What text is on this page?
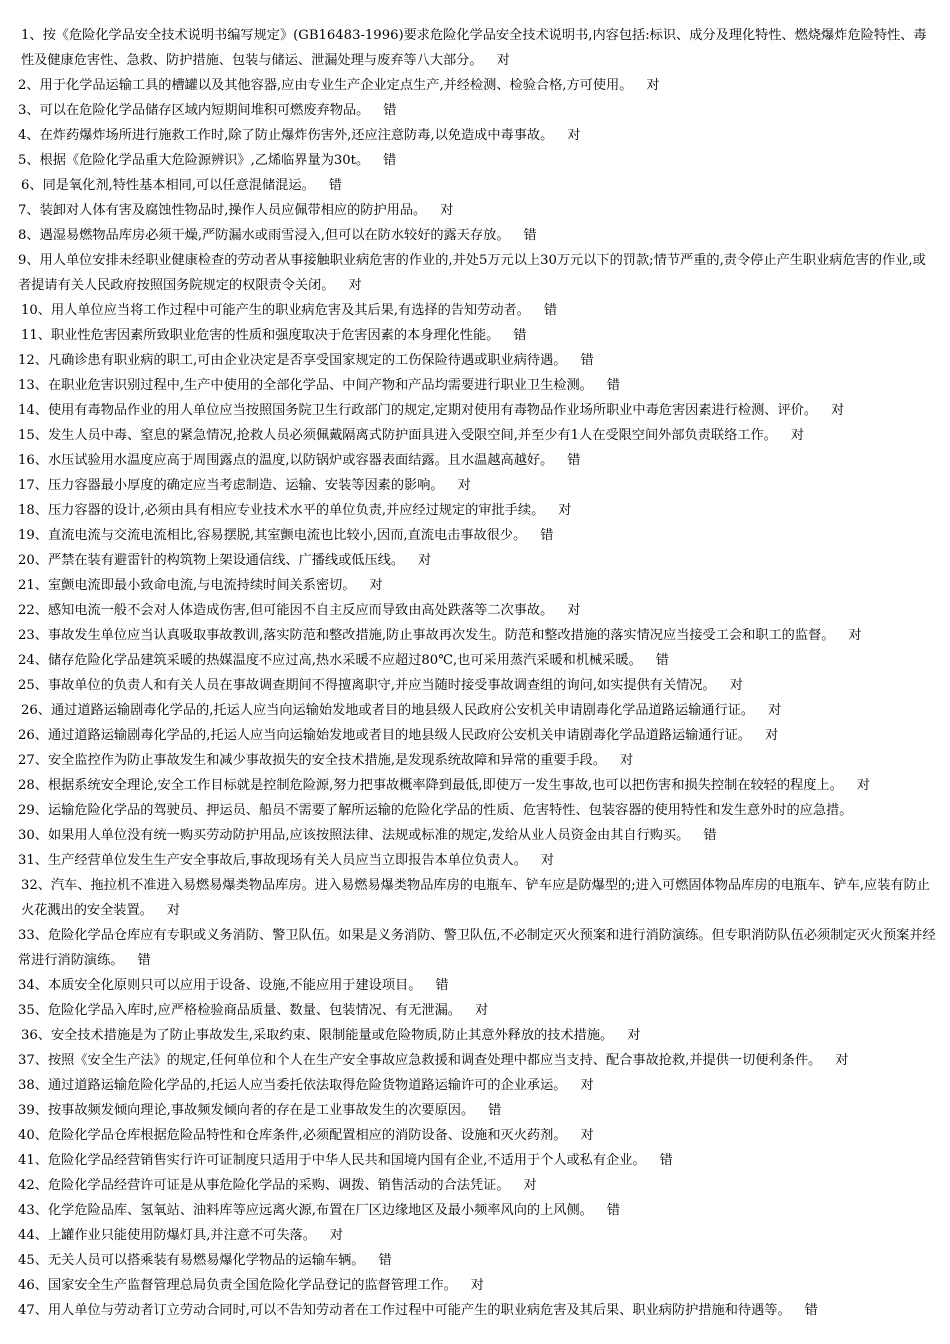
1、按《危险化学品安全技术说明书编写规定》(GB16483-1996)要求危险化学品安全技术说明书,内容包括:标识、成分及理化特性、燃烧爆炸危险特性、毒性及健康危害性、急救、防护措施、包装与储运、泄漏处理与废弃等八大部分。 对

2、用于化学品运输工具的槽罐以及其他容器,应由专业生产企业定点生产,并经检测、检验合格,方可使用。 对

3、可以在危险化学品储存区域内短期间堆积可燃废弃物品。 错

4、在炸药爆炸场所进行施救工作时,除了防止爆炸伤害外,还应注意防毒,以免造成中毒事故。 对

5、根据《危险化学品重大危险源辨识》,乙烯临界量为30t。 错

6、同是氧化剂,特性基本相同,可以任意混储混运。 错

7、装卸对人体有害及腐蚀性物品时,操作人员应佩带相应的防护用品。 对

8、遇湿易燃物品库房必须干燥,严防漏水或雨雪浸入,但可以在防水较好的露天存放。 错

9、用人单位安排未经职业健康检查的劳动者从事接触职业病危害的作业的,并处5万元以上30万元以下的罚款;情节严重的,责令停止产生职业病危害的作业,或者提请有关人民政府按照国务院规定的权限责令关闭。 对

10、用人单位应当将工作过程中可能产生的职业病危害及其后果,有选择的告知劳动者。 错

11、职业性危害因素所致职业危害的性质和强度取决于危害因素的本身理化性能。 错

12、凡确诊患有职业病的职工,可由企业决定是否享受国家规定的工伤保险待遇或职业病待遇。 错

13、在职业危害识别过程中,生产中使用的全部化学品、中间产物和产品均需要进行职业卫生检测。 错

14、使用有毒物品作业的用人单位应当按照国务院卫生行政部门的规定,定期对使用有毒物品作业场所职业中毒危害因素进行检测、评价。 对

15、发生人员中毒、窒息的紧急情况,抢救人员必须佩戴隔离式防护面具进入受限空间,并至少有1人在受限空间外部负责联络工作。 对

16、水压试验用水温度应高于周围露点的温度,以防锅炉或容器表面结露。且水温越高越好。 错

17、压力容器最小厚度的确定应当考虑制造、运输、安装等因素的影响。 对

18、压力容器的设计,必须由具有相应专业技术水平的单位负责,并应经过规定的审批手续。 对

19、直流电流与交流电流相比,容易摆脱,其室颤电流也比较小,因而,直流电击事故很少。 错

20、严禁在装有避雷针的构筑物上架设通信线、广播线或低压线。 对

21、室颤电流即最小致命电流,与电流持续时间关系密切。 对

22、感知电流一般不会对人体造成伤害,但可能因不自主反应而导致由高处跌落等二次事故。 对

23、事故发生单位应当认真吸取事故教训,落实防范和整改措施,防止事故再次发生。防范和整改措施的落实情况应当接受工会和职工的监督。 对

24、储存危险化学品建筑采暖的热媒温度不应过高,热水采暖不应超过80℃,也可采用蒸汽采暖和机械采暖。 错

25、事故单位的负责人和有关人员在事故调查期间不得擅离职守,并应当随时接受事故调查组的询问,如实提供有关情况。 对

26、通过道路运输剧毒化学品的,托运人应当向运输始发地或者目的地县级人民政府公安机关申请剧毒化学品道路运输通行证。 对

26、通过道路运输剧毒化学品的,托运人应当向运输始发地或者目的地县级人民政府公安机关申请剧毒化学品道路运输通行证。 对

27、安全监控作为防止事故发生和减少事故损失的安全技术措施,是发现系统故障和异常的重要手段。 对

28、根据系统安全理论,安全工作目标就是控制危险源,努力把事故概率降到最低,即使万一发生事故,也可以把伤害和损失控制在较轻的程度上。 对

29、运输危险化学品的驾驶员、押运员、船员不需要了解所运输的危险化学品的性质、危害特性、包装容器的使用特性和发生意外时的应急措。

30、如果用人单位没有统一购买劳动防护用品,应该按照法律、法规或标准的规定,发给从业人员资金由其自行购买。 错

31、生产经营单位发生生产安全事故后,事故现场有关人员应当立即报告本单位负责人。 对

32、汽车、拖拉机不准进入易燃易爆类物品库房。进入易燃易爆类物品库房的电瓶车、铲车应是防爆型的;进入可燃固体物品库房的电瓶车、铲车,应装有防止火花溅出的安全装置。 对

33、危险化学品仓库应有专职或义务消防、警卫队伍。如果是义务消防、警卫队伍,不必制定灭火预案和进行消防演练。但专职消防队伍必须制定灭火预案并经常进行消防演练。 错

34、本质安全化原则只可以应用于设备、设施,不能应用于建设项目。 错

35、危险化学品入库时,应严格检验商品质量、数量、包装情况、有无泄漏。 对

36、安全技术措施是为了防止事故发生,采取约束、限制能量或危险物质,防止其意外释放的技术措施。 对

37、按照《安全生产法》的规定,任何单位和个人在生产安全事故应急救援和调查处理中都应当支持、配合事故抢救,并提供一切便利条件。 对

38、通过道路运输危险化学品的,托运人应当委托依法取得危险货物道路运输许可的企业承运。 对

39、按事故频发倾向理论,事故频发倾向者的存在是工业事故发生的次要原因。 错

40、危险化学品仓库根据危险品特性和仓库条件,必须配置相应的消防设备、设施和灭火药剂。 对

41、危险化学品经营销售实行许可证制度只适用于中华人民共和国境内国有企业,不适用于个人或私有企业。 错

42、危险化学品经营许可证是从事危险化学品的采购、调拨、销售活动的合法凭证。 对

43、化学危险品库、氢氧站、油料库等应远离火源,布置在厂区边缘地区及最小频率风向的上风侧。 错

44、上罐作业只能使用防爆灯具,并注意不可失落。 对

45、无关人员可以搭乘装有易燃易爆化学物品的运输车辆。 错

46、国家安全生产监督管理总局负责全国危险化学品登记的监督管理工作。 对

47、用人单位与劳动者订立劳动合同时,可以不告知劳动者在工作过程中可能产生的职业病危害及其后果、职业病防护措施和待遇等。 错
